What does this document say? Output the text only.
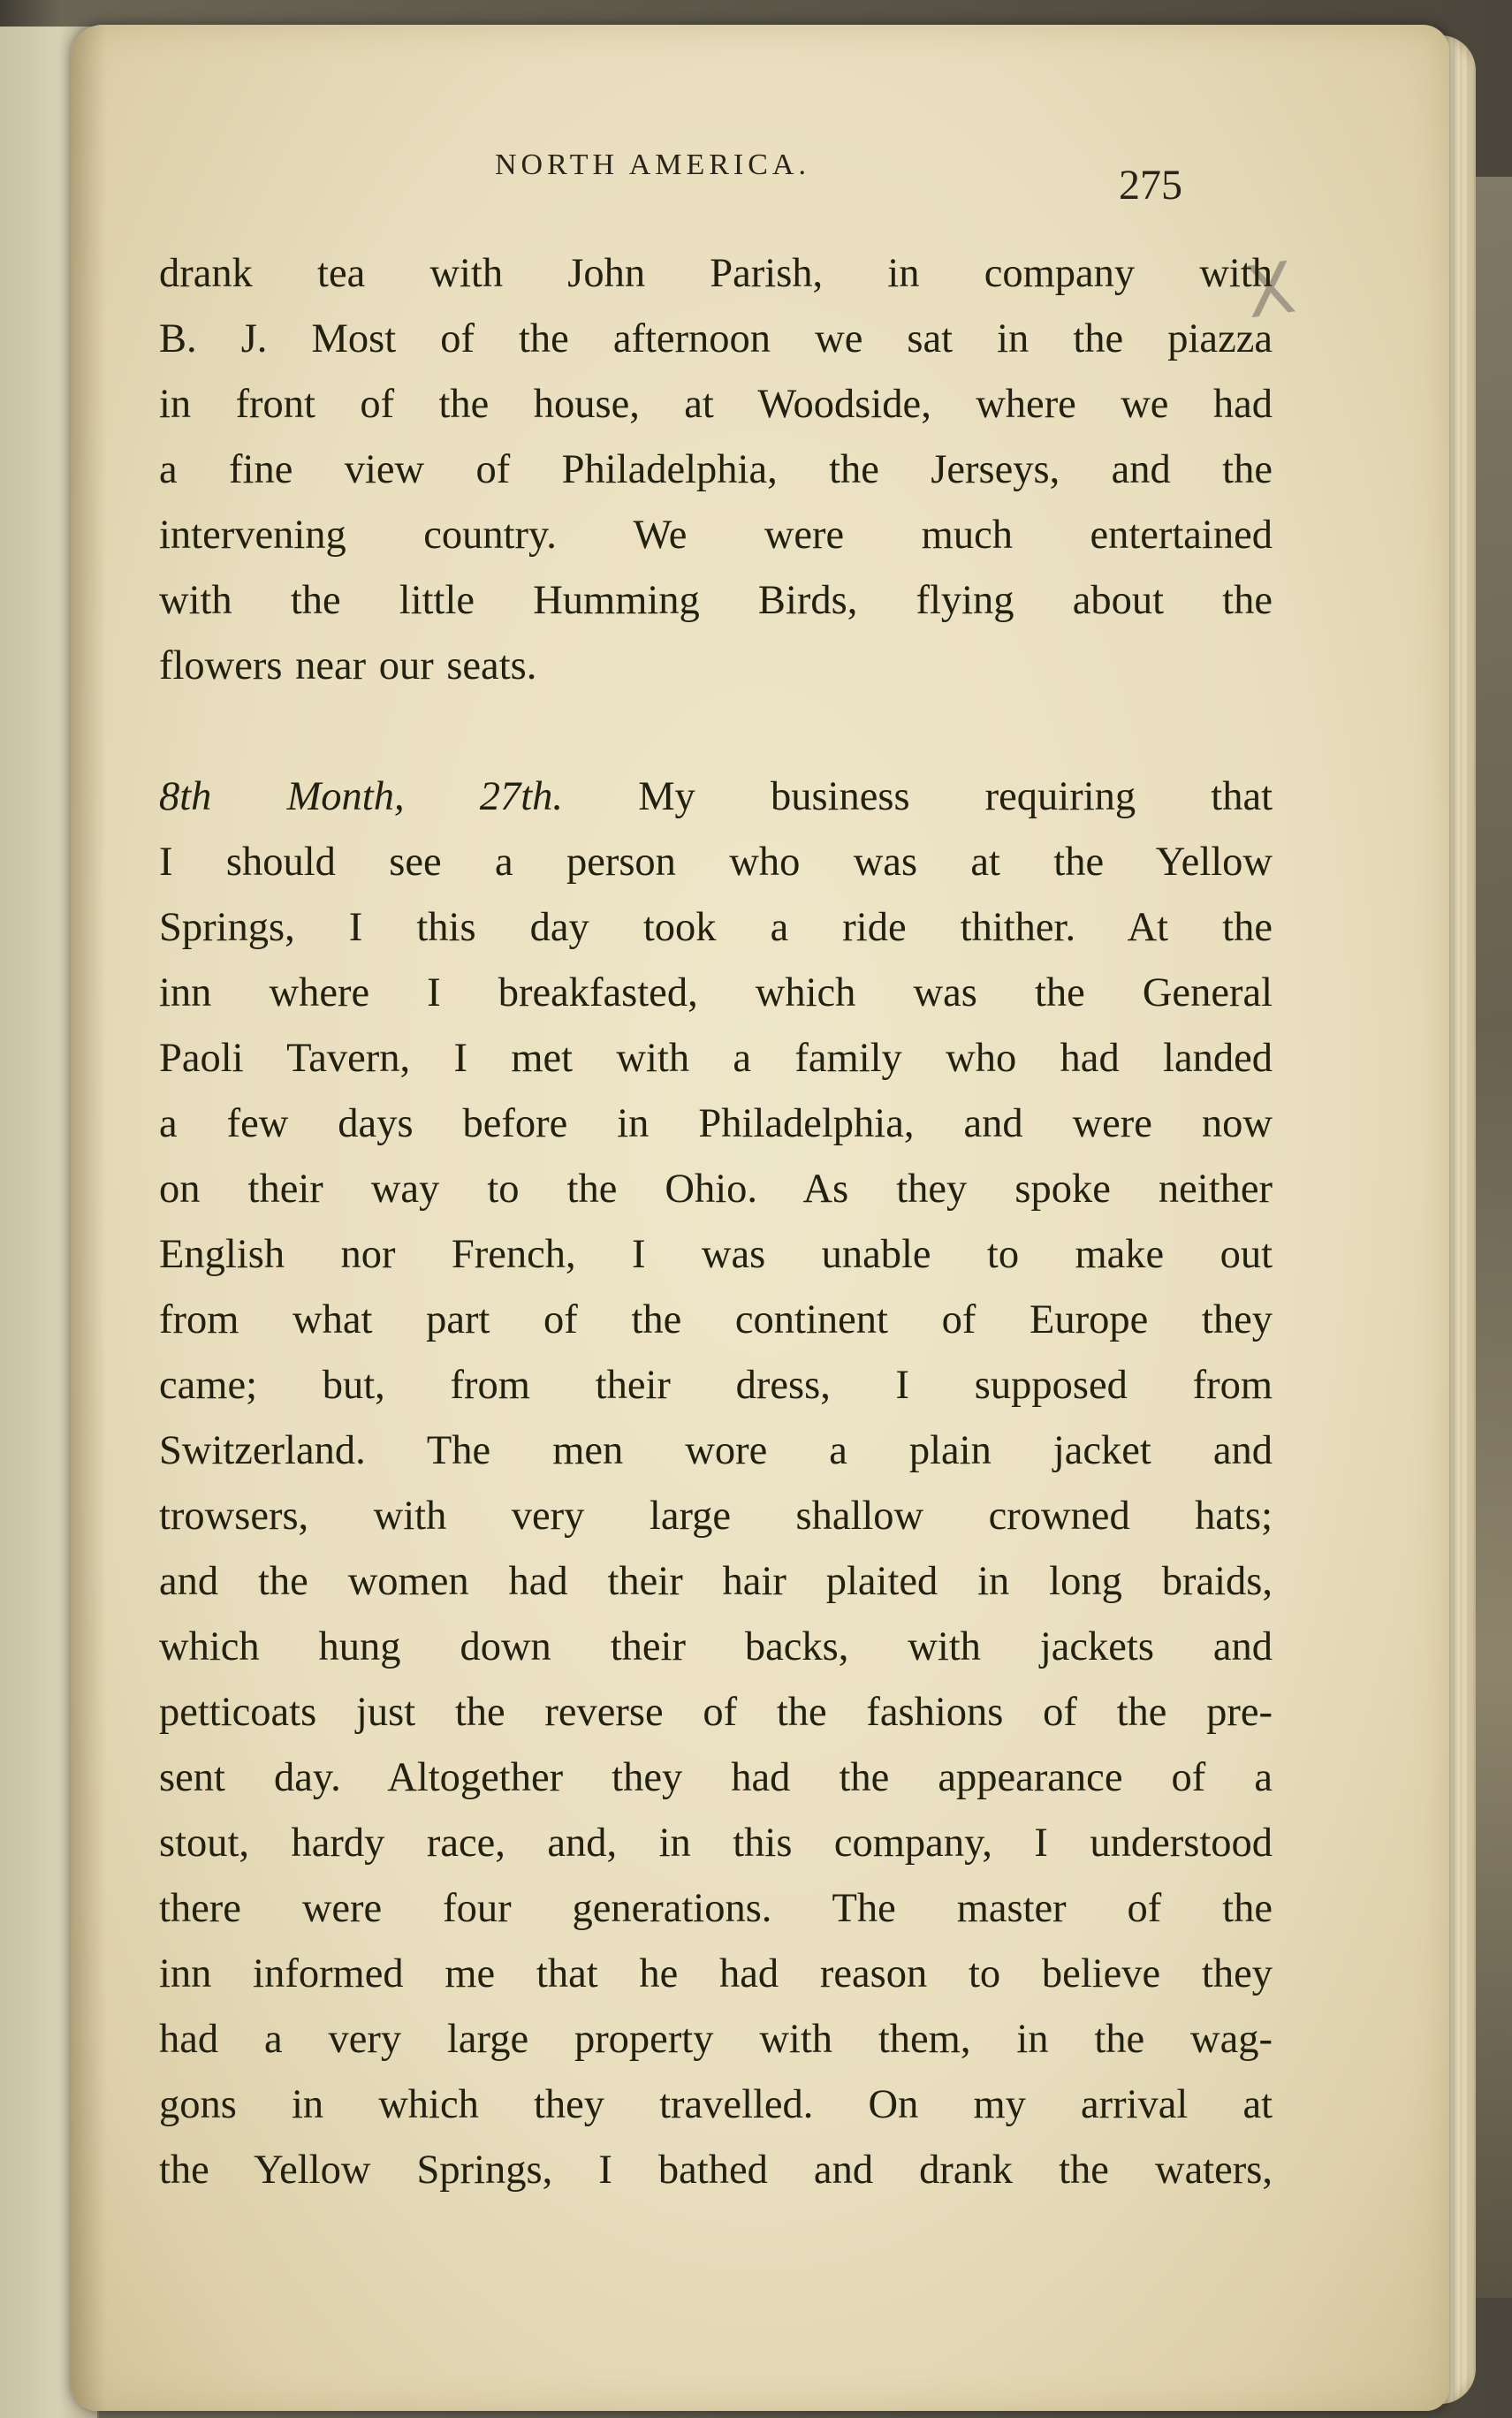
NORTH AMERICA.	275
X
drank tea with John Parish, in company with
B. J. Most of the afternoon we sat in the piazza
in front of the house, at Woodside, where we had
a fine view of Philadelphia, the Jerseys, and the
intervening country. We were much entertained
with the little Humming Birds, flying about the
flowers near our seats.
8th Month, 27th. My business requiring that
I should see a person who was at the Yellow
Springs, I this day took a ride thither. At the
inn where I breakfasted, which was the General
Paoli Tavern, I met with a family who had landed
a few days before in Philadelphia, and were now
on their way to the Ohio. As they spoke neither
English nor French, I was unable to make out
from what part of the continent of Europe they
came; but, from their dress, I supposed from
Switzerland. The men wore a plain jacket and
trowsers, with very large shallow crowned hats;
and the women had their hair plaited in long braids,
which hung down their backs, with jackets and
petticoats just the reverse of the fashions of the pre-
sent day. Altogether they had the appearance of a
stout, hardy race, and, in this company, I understood
there were four generations. The master of the
inn informed me that he had reason to believe they
had a very large property with them, in the wag-
gons in which they travelled. On my arrival at
the Yellow Springs, I bathed and drank the waters,
